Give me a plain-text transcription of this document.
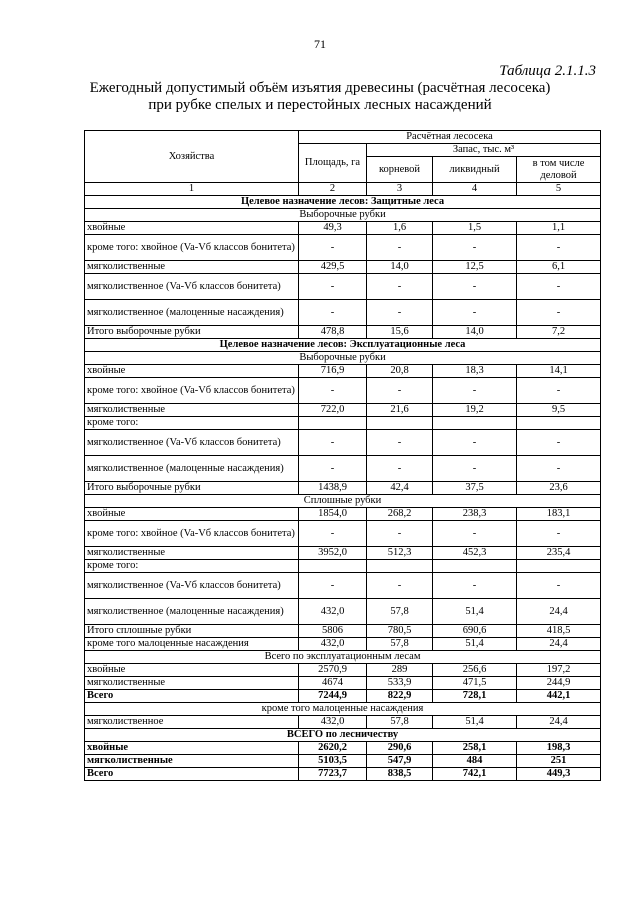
71
Таблица 2.1.1.3
Ежегодный допустимый объём изъятия древесины (расчётная лесосека)
при рубке спелых и перестойных лесных насаждений
Хозяйства	Расчётная лесосека			
	Площадь, га	Запас, тыс. м³		
		корневой	ликвидный	в том числе деловой
1	2	3	4	5
Целевое назначение лесов: Защитные леса				
Выборочные рубки				
хвойные	49,3	1,6	1,5	1,1
кроме того: хвойное (Va-Vб классов бонитета)	-	-	-	-
мягколиственные	429,5	14,0	12,5	6,1
мягколиственное (Va-Vб классов бонитета)	-	-	-	-
мягколиственное (малоценные насаждения)	-	-	-	-
Итого выборочные рубки	478,8	15,6	14,0	7,2
Целевое назначение лесов: Эксплуатационные леса				
Выборочные рубки				
хвойные	716,9	20,8	18,3	14,1
кроме того: хвойное (Va-Vб классов бонитета)	-	-	-	-
мягколиственные	722,0	21,6	19,2	9,5
кроме того:				
мягколиственное (Va-Vб классов бонитета)	-	-	-	-
мягколиственное (малоценные насаждения)	-	-	-	-
Итого выборочные рубки	1438,9	42,4	37,5	23,6
Сплошные рубки				
хвойные	1854,0	268,2	238,3	183,1
кроме того: хвойное (Va-Vб классов бонитета)	-	-	-	-
мягколиственные	3952,0	512,3	452,3	235,4
кроме того:				
мягколиственное (Va-Vб классов бонитета)	-	-	-	-
мягколиственное (малоценные насаждения)	432,0	57,8	51,4	24,4
Итого сплошные рубки	5806	780,5	690,6	418,5
кроме того малоценные насаждения	432,0	57,8	51,4	24,4
Всего по эксплуатационным лесам				
хвойные	2570,9	289	256,6	197,2
мягколиственные	4674	533,9	471,5	244,9
Всего	7244,9	822,9	728,1	442,1
кроме того малоценные насаждения				
мягколиственное	432,0	57,8	51,4	24,4
ВСЕГО по лесничеству				
хвойные	2620,2	290,6	258,1	198,3
мягколиственные	5103,5	547,9	484	251
Всего	7723,7	838,5	742,1	449,3
